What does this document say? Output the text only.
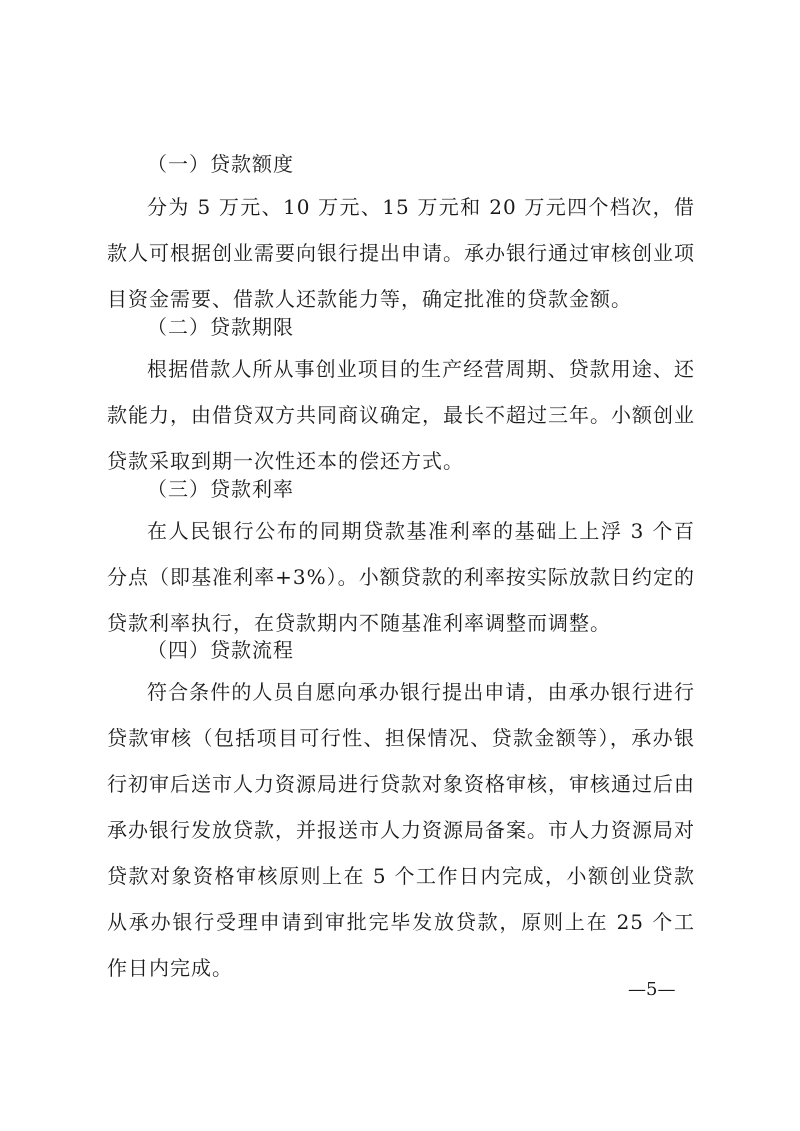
（一）贷款额度
分为 5 万元、10 万元、15 万元和 20 万元四个档次，借款人可根据创业需要向银行提出申请。承办银行通过审核创业项目资金需要、借款人还款能力等，确定批准的贷款金额。
（二）贷款期限
根据借款人所从事创业项目的生产经营周期、贷款用途、还款能力，由借贷双方共同商议确定，最长不超过三年。小额创业贷款采取到期一次性还本的偿还方式。
（三）贷款利率
在人民银行公布的同期贷款基准利率的基础上上浮 3 个百分点（即基准利率+3%）。小额贷款的利率按实际放款日约定的贷款利率执行，在贷款期内不随基准利率调整而调整。
（四）贷款流程
符合条件的人员自愿向承办银行提出申请，由承办银行进行贷款审核（包括项目可行性、担保情况、贷款金额等），承办银行初审后送市人力资源局进行贷款对象资格审核，审核通过后由承办银行发放贷款，并报送市人力资源局备案。市人力资源局对贷款对象资格审核原则上在 5 个工作日内完成，小额创业贷款从承办银行受理申请到审批完毕发放贷款，原则上在 25 个工作日内完成。
—5—
